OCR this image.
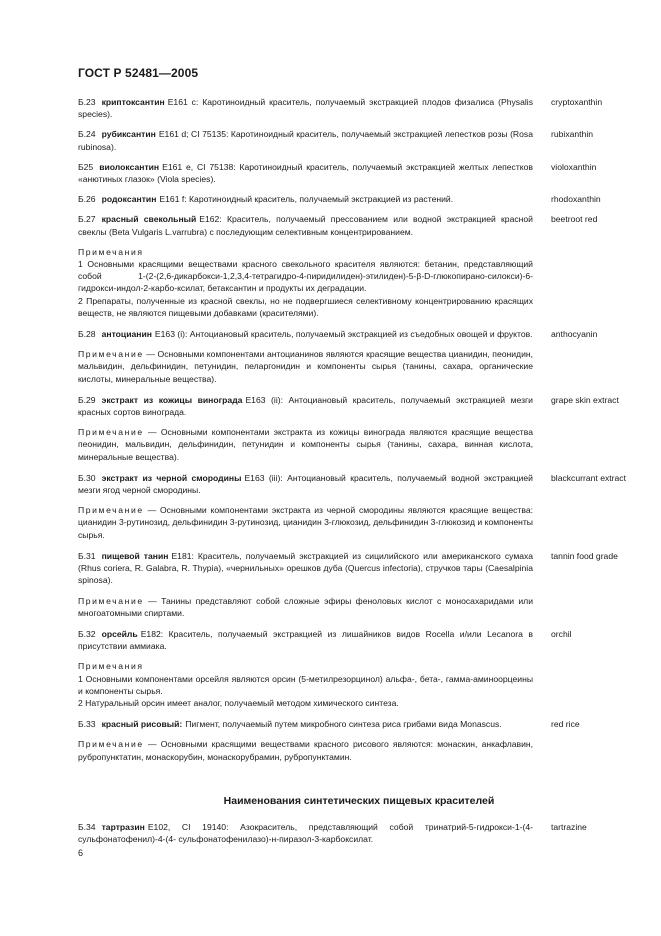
ГОСТ Р 52481—2005
Б.23 криптоксантин Е161 с: Каротиноидный краситель, получаемый экстракцией плодов физалиса (Physalis species).
cryptoxanthin
Б.24 рубиксантин Е161 d; CI 75135: Каротиноидный краситель, получаемый экстракцией лепестков розы (Rosa rubinosa).
rubixanthin
Б25 виолоксантин Е161 е, CI 75138: Каротиноидный краситель, получаемый экстракцией желтых лепестков «анютиных глазок» (Viola species).
violoxanthin
Б.26 родоксантин Е161 f: Каротиноидный краситель, получаемый экстракцией из растений.	rhodoxanthin
Б.27 красный свекольный Е162: Краситель, получаемый прессованием или водной экстракцией красной свеклы (Beta Vulgaris L.varrubra) с последующим селективным концентрированием.
beetroot red

Примечания

1 Основными красящими веществами красного свекольного красителя являются: бетанин, представляющий собой 1-(2-(2,6-дикарбокси-1,2,3,4-тетрагидро-4-пиридилиден)-этилиден)-5-β-D-глюкопирано-силокси)-6-гидрокси-индол-2-карбо-ксилат, бетаксантин и продукты их деградации.

2 Препараты, полученные из красной свеклы, но не подвергшиеся селективному концентрированию красящих веществ, не являются пищевыми добавками (красителями).

Б.28 антоцианин Е163 (i): Антоциановый краситель, получаемый экстракцией из съедобных овощей и фруктов. anthocyanin

Примечание — Основными компонентами антоцианинов являются красящие вещества цианидин, пеонидин, мальвидин, дельфинидин, петунидин, пеларгонидин и компоненты сырья (танины, сахара, органические кислоты, минеральные вещества).

Б.29 экстракт из кожицы винограда Е163 (ii): Антоциановый краситель, получаемый экстракцией мезги красных сортов винограда.
grape skin extract

Примечание — Основными компонентами экстракта из кожицы винограда являются красящие вещества пеонидин, мальвидин, дельфинидин, петунидин и компоненты сырья (танины, сахара, винная кислота, минеральные вещества).

Б.30 экстракт из черной смородины Е163 (iii): Антоциановый краситель, получаемый водной экстракцией мезги ягод черной смородины.
blackcurrant extract

Примечание — Основными компонентами экстракта из черной смородины являются красящие вещества: цианидин 3-рутинозид, дельфинидин 3-рутинозид, цианидин 3-глюкозид, дельфинидин 3-глюкозид и компоненты сырья.

Б.31 пищевой танин Е181: Краситель, получаемый экстракцией из сицилийского или американского сумаха (Rhus coriera, R. Galabra, R. Thypia), «чернильных» орешков дуба (Quercus infectoria), стручков тары (Caesalpinia spinosa).
tannin food grade

Примечание — Танины представляют собой сложные эфиры феноловых кислот с моносахаридами или многоатомными спиртами.

Б.32 орсейль Е182: Краситель, получаемый экстракцией из лишайников видов Rocella и/или Lecanora в присутствии аммиака.
orchil

Примечания

1 Основными компонентами орсейля являются орсин (5-метилрезорцинол) альфа-, бета-, гамма-аминоорцеины и компоненты сырья.

2 Натуральный орсин имеет аналог, получаемый методом химического синтеза.

Б.33 красный рисовый: Пигмент, получаемый путем микробного синтеза риса грибами вида Monascus.	red rice

Примечание — Основными красящими веществами красного рисового являются: монаскин, анкафлавин, рубропунктатин, монаскорубин, монаскорубрамин, рубропунктамин.

Наименования синтетических пищевых красителей
Б.34 тартразин Е102, CI 19140: Азокраситель, представляющий собой тринатрий-5-гидрокси-1-(4-сульфонатофенил)-4-(4- сульфонатофенилазо)-н-пиразол-3-карбоксилат.
tartrazine
6
